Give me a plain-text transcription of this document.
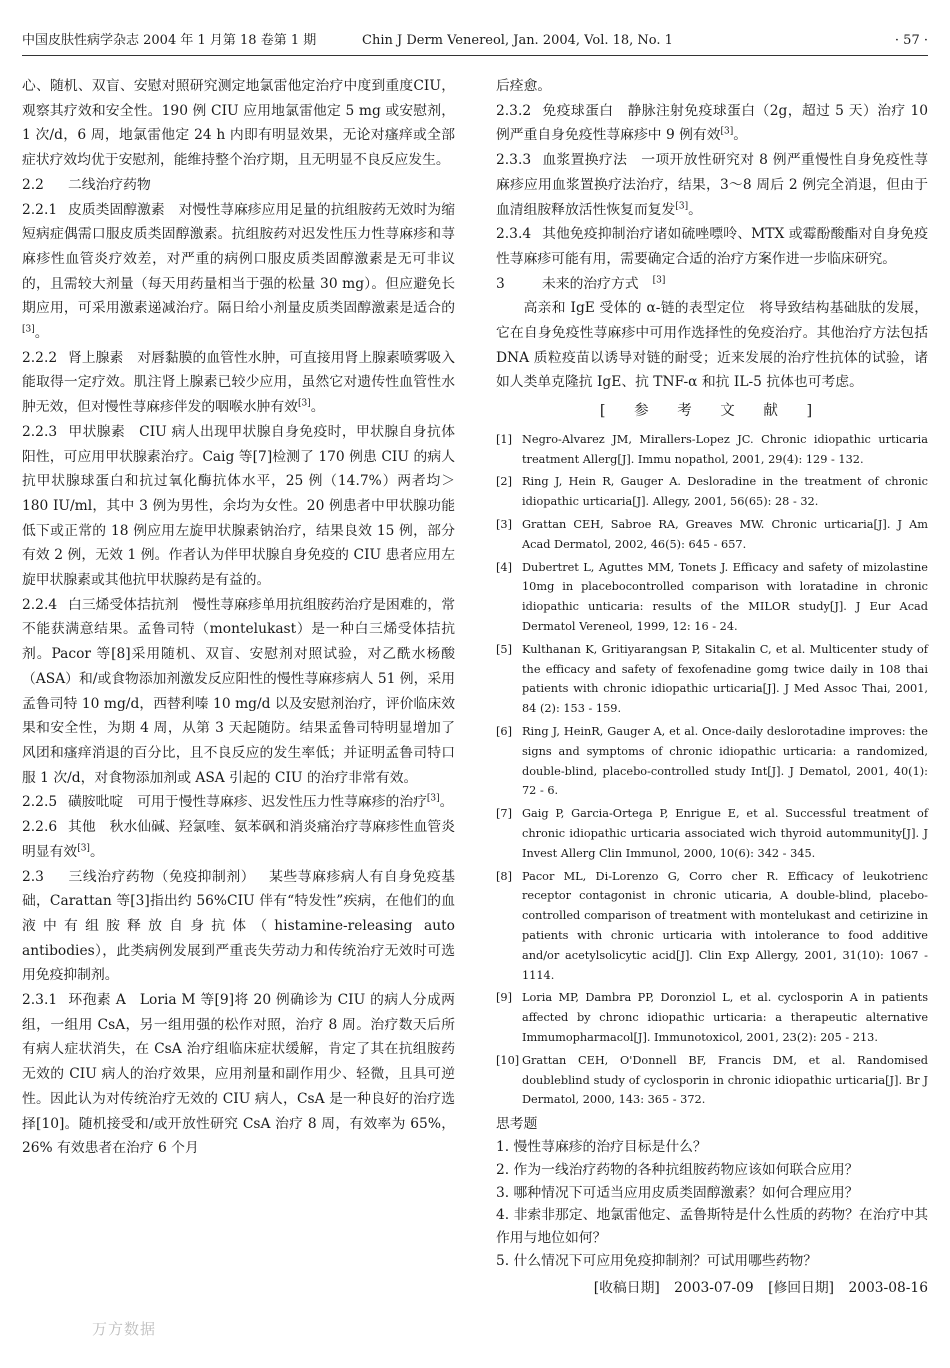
中国皮肤性病学杂志 2004 年 1 月第 18 卷第 1 期	Chin J Derm Venereol, Jan. 2004, Vol. 18, No. 1	· 57 ·

心、随机、双盲、安慰对照研究测定地氯雷他定治疗中度到重度CIU，观察其疗效和安全性。190 例 CIU 应用地氯雷他定 5 mg 或安慰剂，1 次/d，6 周，地氯雷他定 24 h 内即有明显效果，无论对瘙痒或全部症状疗效均优于安慰剂，能维持整个治疗期，且无明显不良反应发生。

2.2 二线治疗药物

2.2.1 皮质类固醇激素 对慢性荨麻疹应用足量的抗组胺药无效时为缩短病症偶需口服皮质类固醇激素。抗组胺药对迟发性压力性荨麻疹和荨麻疹性血管炎疗效差，对严重的病例口服皮质类固醇激素是无可非议的，且需较大剂量（每天用药量相当于强的松量 30 mg）。但应避免长期应用，可采用激素递减治疗。隔日给小剂量皮质类固醇激素是适合的[3]。

2.2.2 肾上腺素 对唇黏膜的血管性水肿，可直接用肾上腺素喷雾吸入能取得一定疗效。肌注肾上腺素已较少应用，虽然它对遗传性血管性水肿无效，但对慢性荨麻疹伴发的咽喉水肿有效[3]。

2.2.3 甲状腺素 CIU 病人出现甲状腺自身免疫时，甲状腺自身抗体阳性，可应用甲状腺素治疗。Caig 等[7]检测了 170 例患 CIU 的病人抗甲状腺球蛋白和抗过氧化酶抗体水平，25 例（14.7%）两者均＞180 IU/ml，其中 3 例为男性，余均为女性。20 例患者中甲状腺功能低下或正常的 18 例应用左旋甲状腺素钠治疗，结果良效 15 例，部分有效 2 例，无效 1 例。作者认为伴甲状腺自身免疫的 CIU 患者应用左旋甲状腺素或其他抗甲状腺药是有益的。

2.2.4 白三烯受体拮抗剂 慢性荨麻疹单用抗组胺药治疗是困难的，常不能获满意结果。孟鲁司特（montelukast）是一种白三烯受体拮抗剂。Pacor 等[8]采用随机、双盲、安慰剂对照试验，对乙酰水杨酸（ASA）和/或食物添加剂激发反应阳性的慢性荨麻疹病人 51 例，采用孟鲁司特 10 mg/d，西替利嗪 10 mg/d 以及安慰剂治疗，评价临床效果和安全性，为期 4 周，从第 3 天起随防。结果孟鲁司特明显增加了风团和瘙痒消退的百分比，且不良反应的发生率低；并证明孟鲁司特口服 1 次/d，对食物添加剂或 ASA 引起的 CIU 的治疗非常有效。

2.2.5 磺胺吡啶 可用于慢性荨麻疹、迟发性压力性荨麻疹的治疗[3]。

2.2.6 其他 秋水仙碱、羟氯喹、氨苯砜和消炎痛治疗荨麻疹性血管炎明显有效[3]。

2.3 三线治疗药物（免疫抑制剂） 某些荨麻疹病人有自身免疫基础，Carattan 等[3]指出约 56%CIU 伴有“特发性”疾病，在他们的血液中有组胺释放自身抗体（histamine-releasing auto antibodies），此类病例发展到严重丧失劳动力和传统治疗无效时可选用免疫抑制剂。

2.3.1 环孢素 A Loria M 等[9]将 20 例确诊为 CIU 的病人分成两组，一组用 CsA，另一组用强的松作对照，治疗 8 周。治疗数天后所有病人症状消失，在 CsA 治疗组临床症状缓解，肯定了其在抗组胺药无效的 CIU 病人的治疗效果，应用剂量和副作用少、轻微，且具可逆性。因此认为对传统治疗无效的 CIU 病人，CsA 是一种良好的治疗选择[10]。随机接受和/或开放性研究 CsA 治疗 8 周，有效率为 65%，26% 有效患者在治疗 6 个月

后痊愈。

2.3.2 免疫球蛋白 静脉注射免疫球蛋白（2g，超过 5 天）治疗 10 例严重自身免疫性荨麻疹中 9 例有效[3]。

2.3.3 血浆置换疗法 一项开放性研究对 8 例严重慢性自身免疫性荨麻疹应用血浆置换疗法治疗，结果，3～8 周后 2 例完全消退，但由于血清组胺释放活性恢复而复发[3]。

2.3.4 其他免疫抑制治疗诸如硫唑嘌呤、MTX 或霉酚酸酯对自身免疫性荨麻疹可能有用，需要确定合适的治疗方案作进一步临床研究。

3	未来的治疗方式 [3]

高亲和 IgE 受体的 α-链的表型定位　将导致结构基础肽的发展，它在自身免疫性荨麻疹中可用作选择性的免疫治疗。其他治疗方法包括 DNA 质粒疫苗以诱导对链的耐受；近来发展的治疗性抗体的试验，诸如人类单克隆抗 IgE、抗 TNF-α 和抗 IL-5 抗体也可考虑。

[ 参 考 文 献 ]
[1] Negro-Alvarez JM, Mirallers-Lopez JC. Chronic idiopathic urticaria treatment Allerg[J]. Immu nopathol, 2001, 29(4): 129 - 132.
[2] Ring J, Hein R, Gauger A. Desloradine in the treatment of chronic idiopathic urticaria[J]. Allegy, 2001, 56(65): 28 - 32.
[3] Grattan CEH, Sabroe RA, Greaves MW. Chronic urticaria[J]. J Am Acad Dermatol, 2002, 46(5): 645 - 657.
[4] Dubertret L, Aguttes MM, Tonets J. Efficacy and safety of mizolastine 10mg in placebocontrolled comparison with loratadine in chronic idiopathic unticaria: results of the MILOR study[J]. J Eur Acad Dermatol Vereneol, 1999, 12: 16 - 24.
[5] Kulthanan K, Gritiyarangsan P, Sitakalin C, et al. Multicenter study of the efficacy and safety of fexofenadine gomg twice daily in 108 thai patients with chronic idiopathic urticaria[J]. J Med Assoc Thai, 2001, 84 (2): 153 - 159.
[6] Ring J, HeinR, Gauger A, et al. Once-daily deslorotadine improves: the signs and symptoms of chronic idiopathic urticaria: a randomized, double-blind, placebo-controlled study Int[J]. J Dematol, 2001, 40(1): 72 - 6.
[7] Gaig P, Garcia-Ortega P, Enrigue E, et al. Successful treatment of chronic idiopathic urticaria associated wich thyroid autommunity[J]. J Invest Allerg Clin Immunol, 2000, 10(6): 342 - 345.
[8] Pacor ML, Di-Lorenzo G, Corro cher R. Efficacy of leukotrienc receptor contagonist in chronic uticaria, A double-blind, placebo-controlled comparison of treatment with montelukast and cetirizine in patients with chronic urticaria with intolerance to food additive and/or acetylsolicytic acid[J]. Clin Exp Allergy, 2001, 31(10): 1067 - 1114.
[9] Loria MP, Dambra PP, Doronziol L, et al. cyclosporin A in patients affected by chronc idiopathic urticaria: a therapeutic alternative Immumopharmacol[J]. Immunotoxicol, 2001, 23(2): 205 - 213.
[10] Grattan CEH, O'Donnell BF, Francis DM, et al. Randomised doubleblind study of cyclosporin in chronic idiopathic urticaria[J]. Br J Dermatol, 2000, 143: 365 - 372.

思考题

1. 慢性荨麻疹的治疗目标是什么？

2. 作为一线治疗药物的各种抗组胺药物应该如何联合应用？

3. 哪种情况下可适当应用皮质类固醇激素？如何合理应用？

4. 非索非那定、地氯雷他定、孟鲁斯特是什么性质的药物？在治疗中其作用与地位如何？

5. 什么情况下可应用免疫抑制剂？可试用哪些药物？

[收稿日期] 2003-07-09 [修回日期] 2003-08-16
万方数据
